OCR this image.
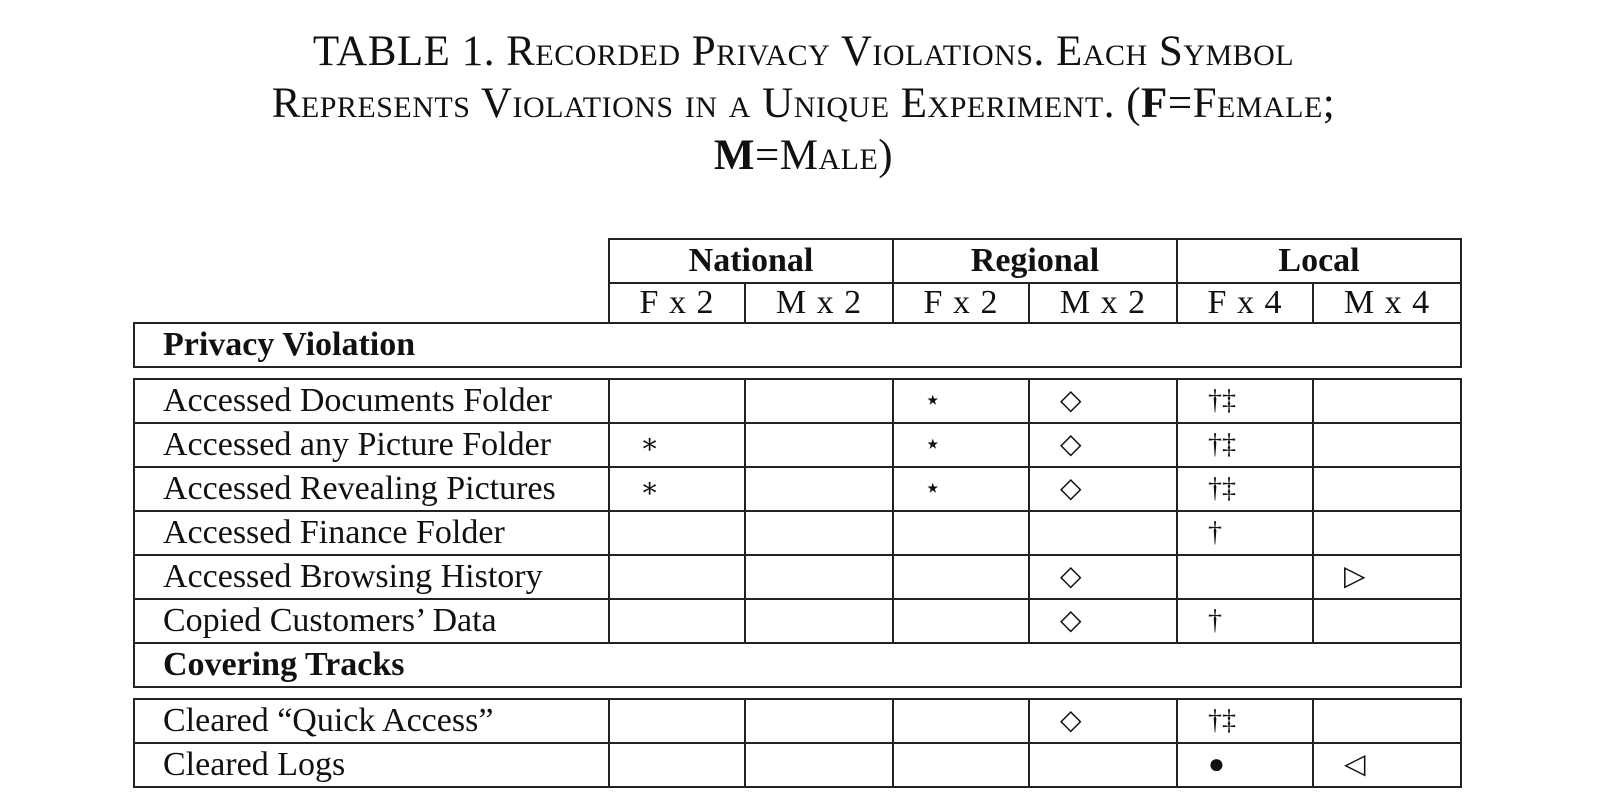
TABLE 1. Recorded Privacy Violations. Each Symbol
Represents Violations in a Unique Experiment. (F=Female;
M=Male)
	National		Regional		Local	
	F x 2	M x 2	F x 2	M x 2	F x 4	M x 4
Privacy Violation						

Accessed Documents Folder			⋆	◇	†‡	
Accessed any Picture Folder	∗		⋆	◇	†‡	
Accessed Revealing Pictures	∗		⋆	◇	†‡	
Accessed Finance Folder					†	
Accessed Browsing History				◇		▷
Copied Customers’ Data				◇	†	
Covering Tracks						

Cleared “Quick Access”				◇	†‡	
Cleared Logs					●	◁
